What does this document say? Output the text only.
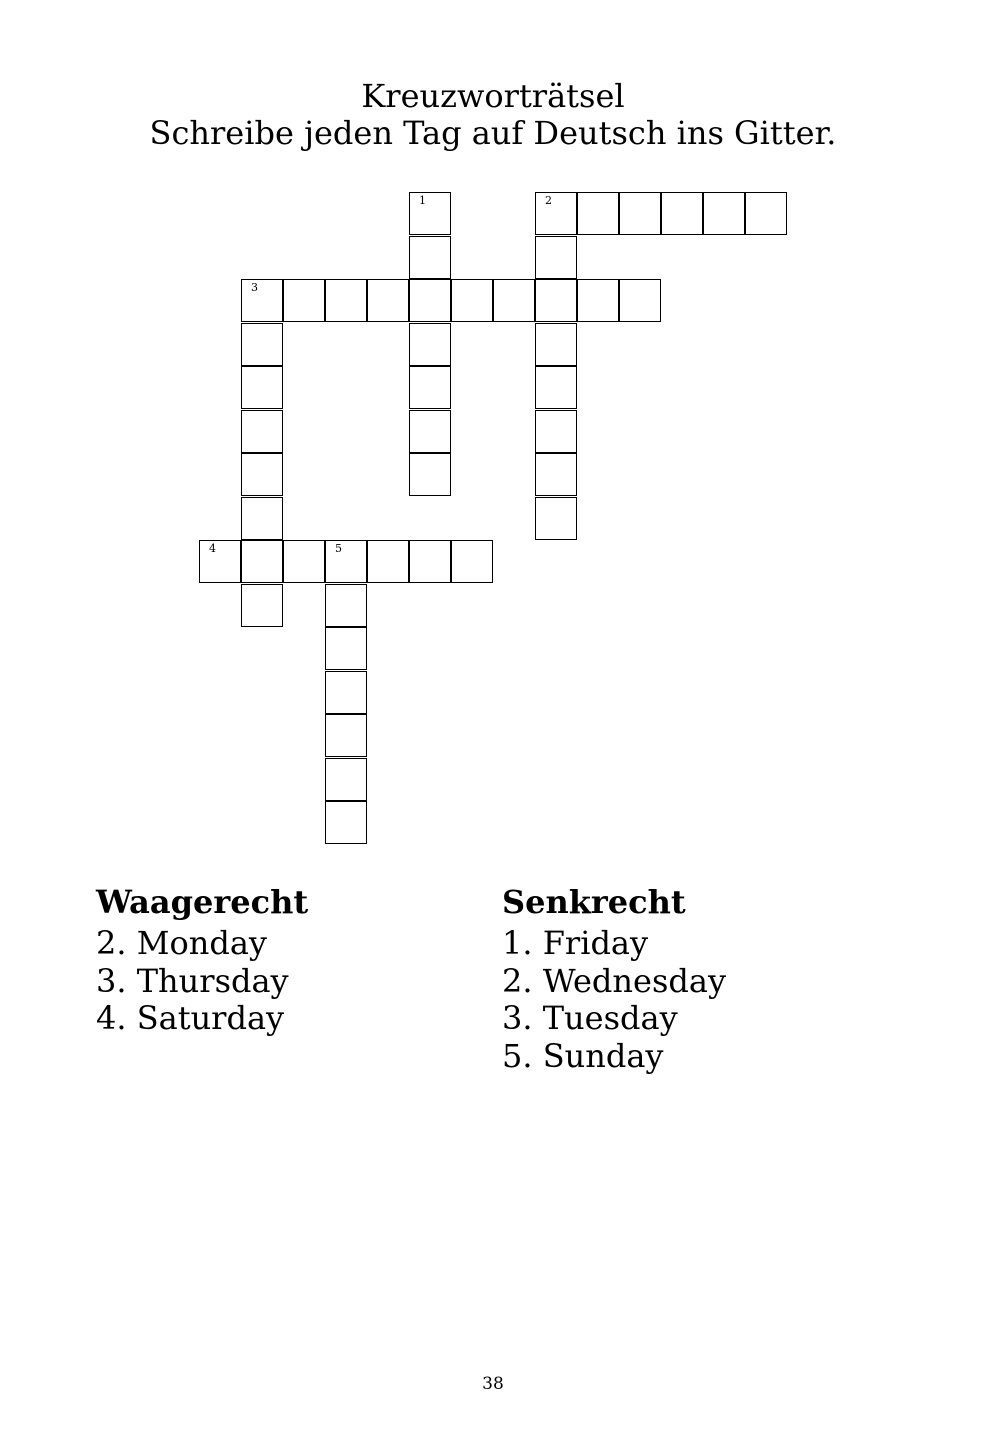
Kreuzworträtsel
Schreibe jeden Tag auf Deutsch ins Gitter.
1	2
3
4	5
Waagerecht
2. Monday
3. Thursday
4. Saturday
Senkrecht
1. Friday
2. Wednesday
3. Tuesday
5. Sunday
38
